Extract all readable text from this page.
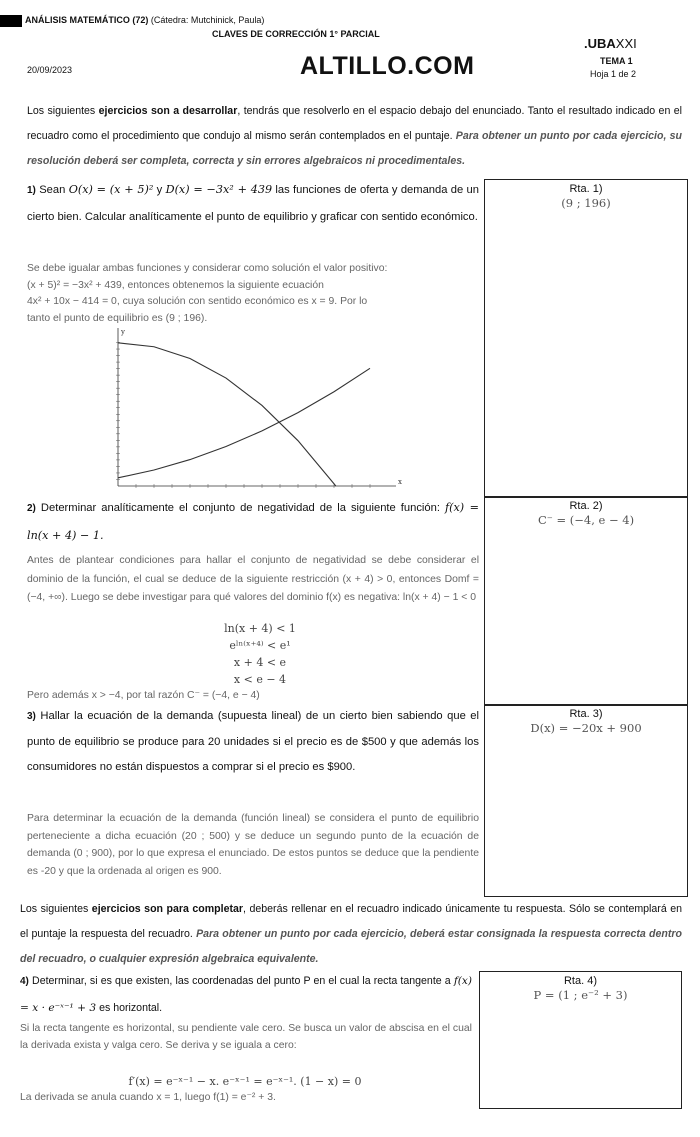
ANÁLISIS MATEMÁTICO (72) (Cátedra: Mutchinick, Paula)
CLAVES DE CORRECCIÓN 1° PARCIAL
.UBAXXI
20/09/2023	ALTILLO.COM	TEMA 1
Hoja 1 de 2
Los siguientes ejercicios son a desarrollar, tendrás que resolverlo en el espacio debajo del enunciado. Tanto el resultado indicado en el recuadro como el procedimiento que condujo al mismo serán contemplados en el puntaje. Para obtener un punto por cada ejercicio, su resolución deberá ser completa, correcta y sin errores algebraicos ni procedimentales.
1) Sean O(x) = (x + 5)² y D(x) = −3x² + 439 las funciones de oferta y demanda de un cierto bien. Calcular analíticamente el punto de equilibrio y graficar con sentido económico.
Se debe igualar ambas funciones y considerar como solución el valor positivo:
(x + 5)² = −3x² + 439, entonces obtenemos la siguiente ecuación
4x² + 10x − 414 = 0, cuya solución con sentido económico es x = 9. Por lo
tanto el punto de equilibrio es (9 ; 196).
Rta. 1)
(9 ; 196)
x
y
2) Determinar analíticamente el conjunto de negatividad de la siguiente función: f(x) = ln(x + 4) − 1.
Antes de plantear condiciones para hallar el conjunto de negatividad se debe considerar el dominio de la función, el cual se deduce de la siguiente restricción (x + 4) > 0, entonces Domf = (−4, +∞). Luego se debe investigar para qué valores del dominio f(x) es negativa: ln(x + 4) − 1 < 0
ln(x + 4) < 1
eˡⁿ⁽ˣ⁺⁴⁾ < e¹
x + 4 < e
x < e − 4
Pero además x > −4, por tal razón C⁻ = (−4, e − 4)
Rta. 2)
C⁻ = (−4, e − 4)
3) Hallar la ecuación de la demanda (supuesta lineal) de un cierto bien sabiendo que el punto de equilibrio se produce para 20 unidades si el precio es de $500 y que además los consumidores no están dispuestos a comprar si el precio es $900.
Para determinar la ecuación de la demanda (función lineal) se considera el punto de equilibrio perteneciente a dicha ecuación (20 ; 500) y se deduce un segundo punto de la ecuación de demanda (0 ; 900), por lo que expresa el enunciado. De estos puntos se deduce que la pendiente es -20 y que la ordenada al origen es 900.
Rta. 3)
D(x) = −20x + 900
Los siguientes ejercicios son para completar, deberás rellenar en el recuadro indicado únicamente tu respuesta. Sólo se contemplará en el puntaje la respuesta del recuadro. Para obtener un punto por cada ejercicio, deberá estar consignada la respuesta correcta dentro del recuadro, o cualquier expresión algebraica equivalente.
4) Determinar, si es que existen, las coordenadas del punto P en el cual la recta tangente a f(x) = x · e⁻ˣ⁻¹ + 3 es horizontal.
Si la recta tangente es horizontal, su pendiente vale cero. Se busca un valor de abscisa en el cual la derivada exista y valga cero. Se deriva y se iguala a cero:
f′(x) = e⁻ˣ⁻¹ − x. e⁻ˣ⁻¹ = e⁻ˣ⁻¹. (1 − x) = 0
La derivada se anula cuando x = 1, luego f(1) = e⁻² + 3.
Rta. 4)
P = (1 ; e⁻² + 3)
